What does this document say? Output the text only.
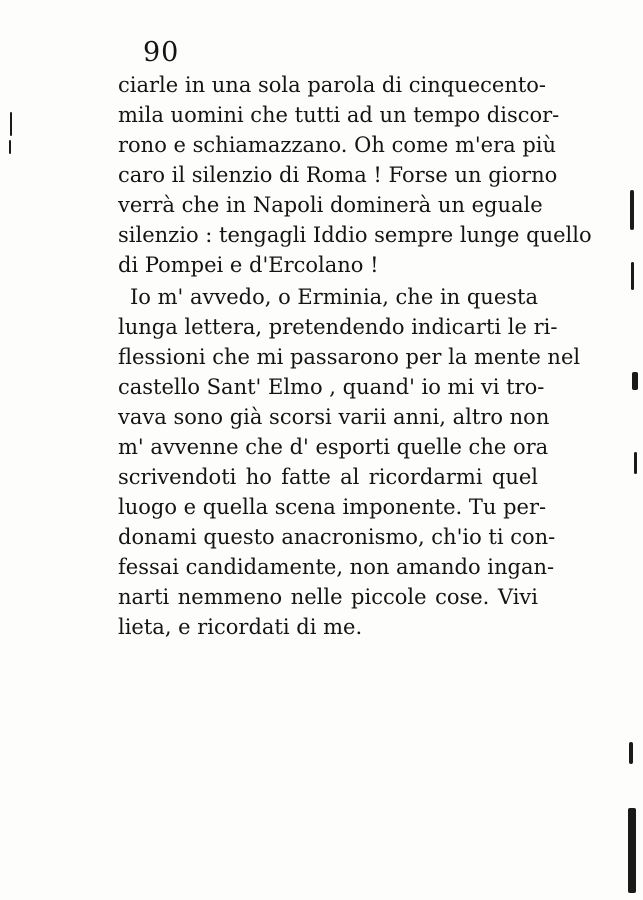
90
ciarle in una sola parola di cinquecento-
mila uomini che tutti ad un tempo discor-
rono e schiamazzano. Oh come m'era più
caro il silenzio di Roma ! Forse un giorno
verrà che in Napoli dominerà un eguale
silenzio : tengagli Iddio sempre lunge quello
di Pompei e d'Ercolano !
Io m' avvedo, o Erminia, che in questa
lunga lettera, pretendendo indicarti le ri-
flessioni che mi passarono per la mente nel
castello Sant' Elmo , quand' io mi vi tro-
vava sono già scorsi varii anni, altro non
m' avvenne che d' esporti quelle che ora
scrivendoti ho fatte al ricordarmi quel
luogo e quella scena imponente. Tu per-
donami questo anacronismo, ch'io ti con-
fessai candidamente, non amando ingan-
narti nemmeno nelle piccole cose. Vivi
lieta, e ricordati di me.
